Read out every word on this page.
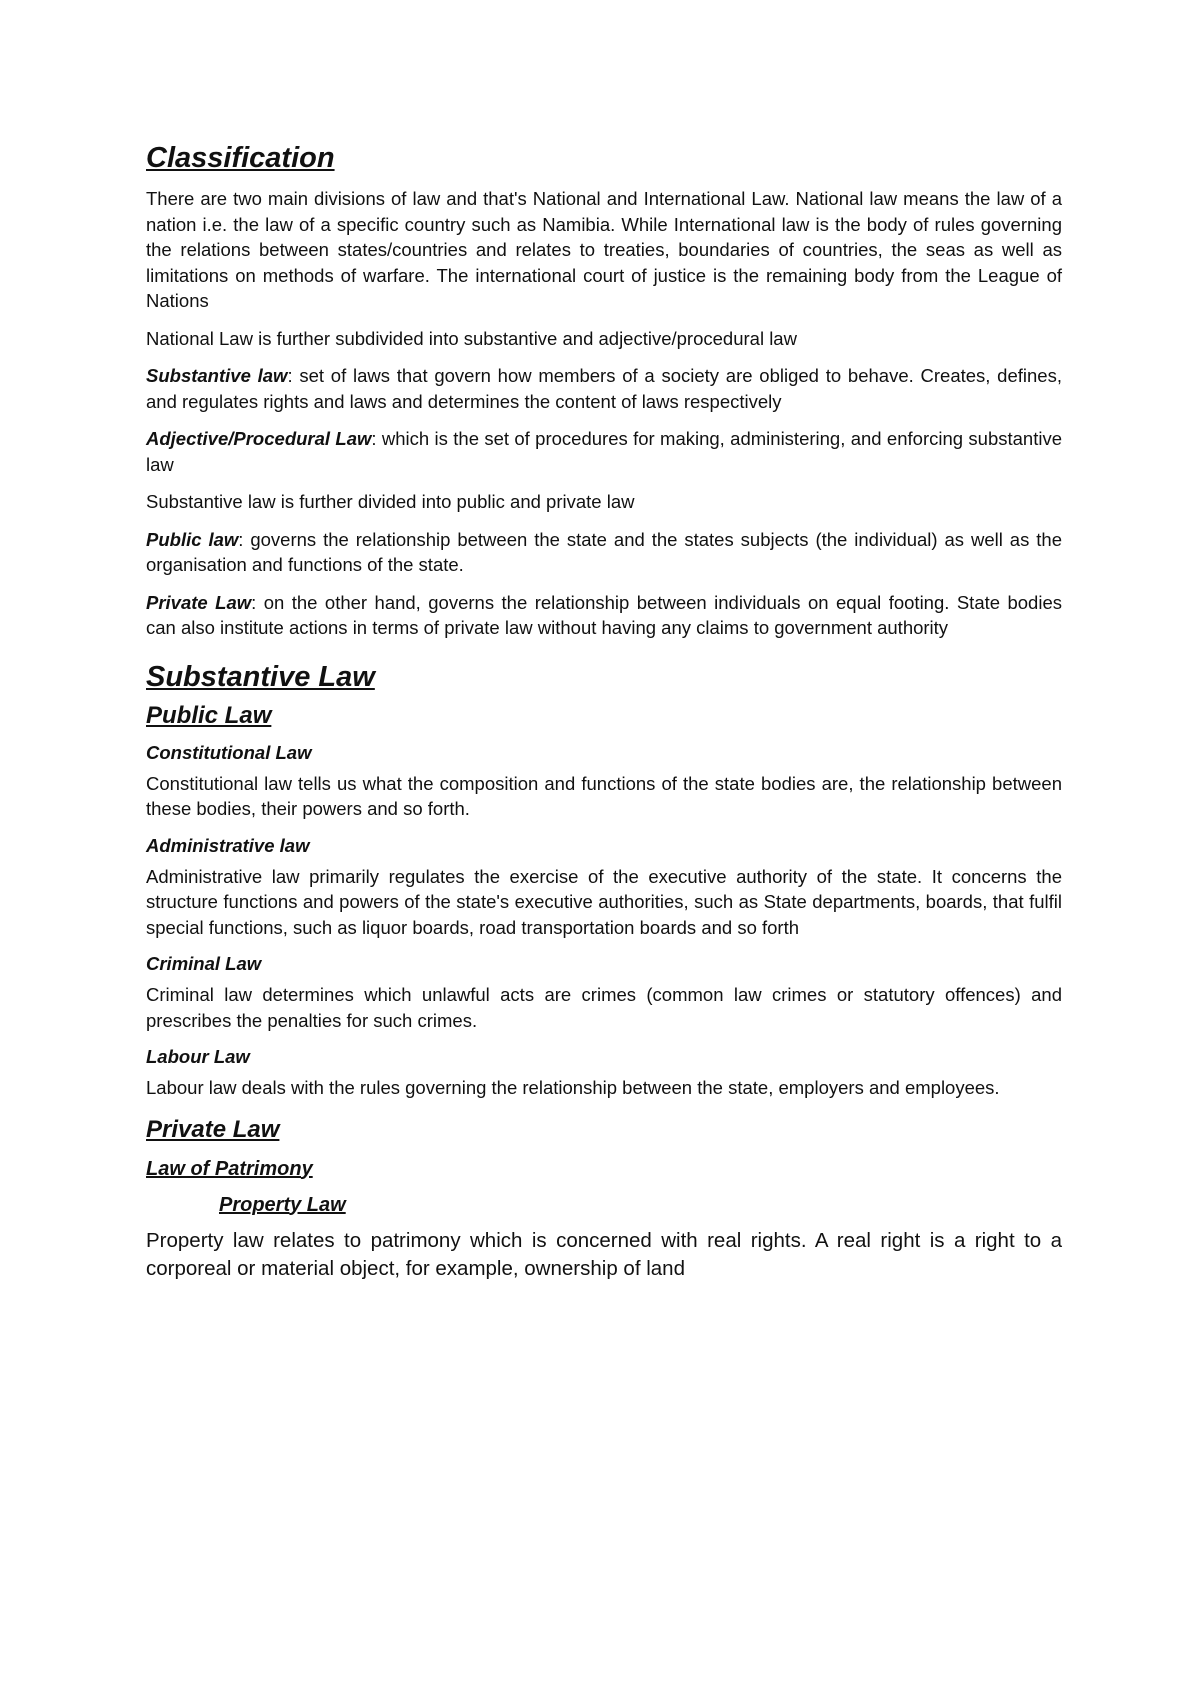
Classification

There are two main divisions of law and that's National and International Law. National law means the law of a nation i.e. the law of a specific country such as Namibia. While International law is the body of rules governing the relations between states/countries and relates to treaties, boundaries of countries, the seas as well as limitations on methods of warfare. The international court of justice is the remaining body from the League of Nations

National Law is further subdivided into substantive and adjective/procedural law

Substantive law: set of laws that govern how members of a society are obliged to behave. Creates, defines, and regulates rights and laws and determines the content of laws respectively

Adjective/Procedural Law: which is the set of procedures for making, administering, and enforcing substantive law

Substantive law is further divided into public and private law

Public law: governs the relationship between the state and the states subjects (the individual) as well as the organisation and functions of the state.

Private Law: on the other hand, governs the relationship between individuals on equal footing. State bodies can also institute actions in terms of private law without having any claims to government authority

Substantive Law
Public Law
Constitutional Law

Constitutional law tells us what the composition and functions of the state bodies are, the relationship between these bodies, their powers and so forth.

Administrative law

Administrative law primarily regulates the exercise of the executive authority of the state. It concerns the structure functions and powers of the state's executive authorities, such as State departments, boards, that fulfil special functions, such as liquor boards, road transportation boards and so forth

Criminal Law

Criminal law determines which unlawful acts are crimes (common law crimes or statutory offences) and prescribes the penalties for such crimes.

Labour Law

Labour law deals with the rules governing the relationship between the state, employers and employees.

Private Law
Law of Patrimony
Property Law

Property law relates to patrimony which is concerned with real rights. A real right is a right to a corporeal or material object, for example, ownership of land
